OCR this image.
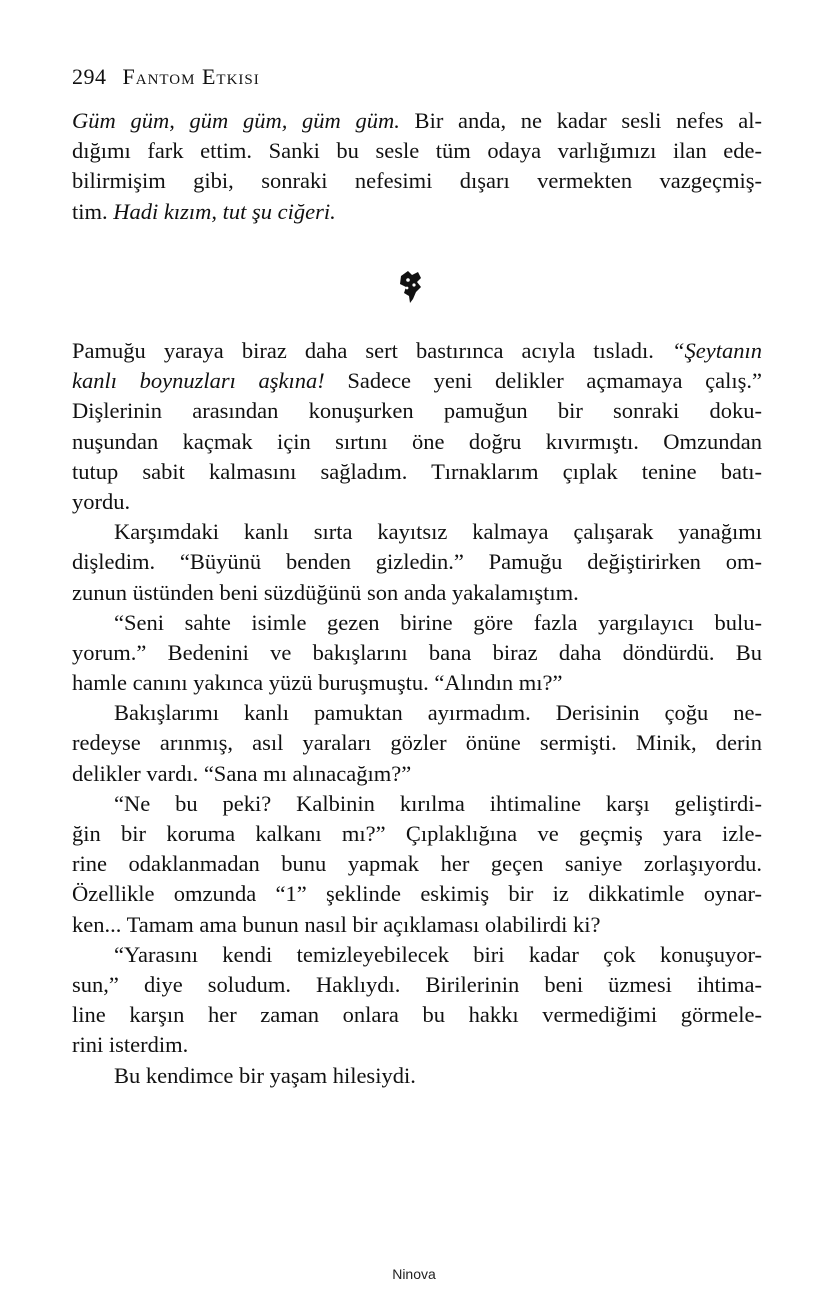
294 Fantom Etkisi
Güm güm, güm güm, güm güm. Bir anda, ne kadar sesli nefes al-
dığımı fark ettim. Sanki bu sesle tüm odaya varlığımızı ilan ede-
bilirmişim gibi, sonraki nefesimi dışarı vermekten vazgeçmiş-
tim. Hadi kızım, tut şu ciğeri.
Pamuğu yaraya biraz daha sert bastırınca acıyla tısladı. “Şeytanın
kanlı boynuzları aşkına! Sadece yeni delikler açmamaya çalış.”
Dişlerinin arasından konuşurken pamuğun bir sonraki doku-
nuşundan kaçmak için sırtını öne doğru kıvırmıştı. Omzundan
tutup sabit kalmasını sağladım. Tırnaklarım çıplak tenine batı-
yordu.
Karşımdaki kanlı sırta kayıtsız kalmaya çalışarak yanağımı
dişledim. “Büyünü benden gizledin.” Pamuğu değiştirirken om-
zunun üstünden beni süzdüğünü son anda yakalamıştım.
“Seni sahte isimle gezen birine göre fazla yargılayıcı bulu-
yorum.” Bedenini ve bakışlarını bana biraz daha döndürdü. Bu
hamle canını yakınca yüzü buruşmuştu. “Alındın mı?”
Bakışlarımı kanlı pamuktan ayırmadım. Derisinin çoğu ne-
redeyse arınmış, asıl yaraları gözler önüne sermişti. Minik, derin
delikler vardı. “Sana mı alınacağım?”
“Ne bu peki? Kalbinin kırılma ihtimaline karşı geliştirdi-
ğin bir koruma kalkanı mı?” Çıplaklığına ve geçmiş yara izle-
rine odaklanmadan bunu yapmak her geçen saniye zorlaşıyordu.
Özellikle omzunda “1” şeklinde eskimiş bir iz dikkatimle oynar-
ken... Tamam ama bunun nasıl bir açıklaması olabilirdi ki?
“Yarasını kendi temizleyebilecek biri kadar çok konuşuyor-
sun,” diye soludum. Haklıydı. Birilerinin beni üzmesi ihtima-
line karşın her zaman onlara bu hakkı vermediğimi görmele-
rini isterdim.
Bu kendimce bir yaşam hilesiydi.
Ninova
